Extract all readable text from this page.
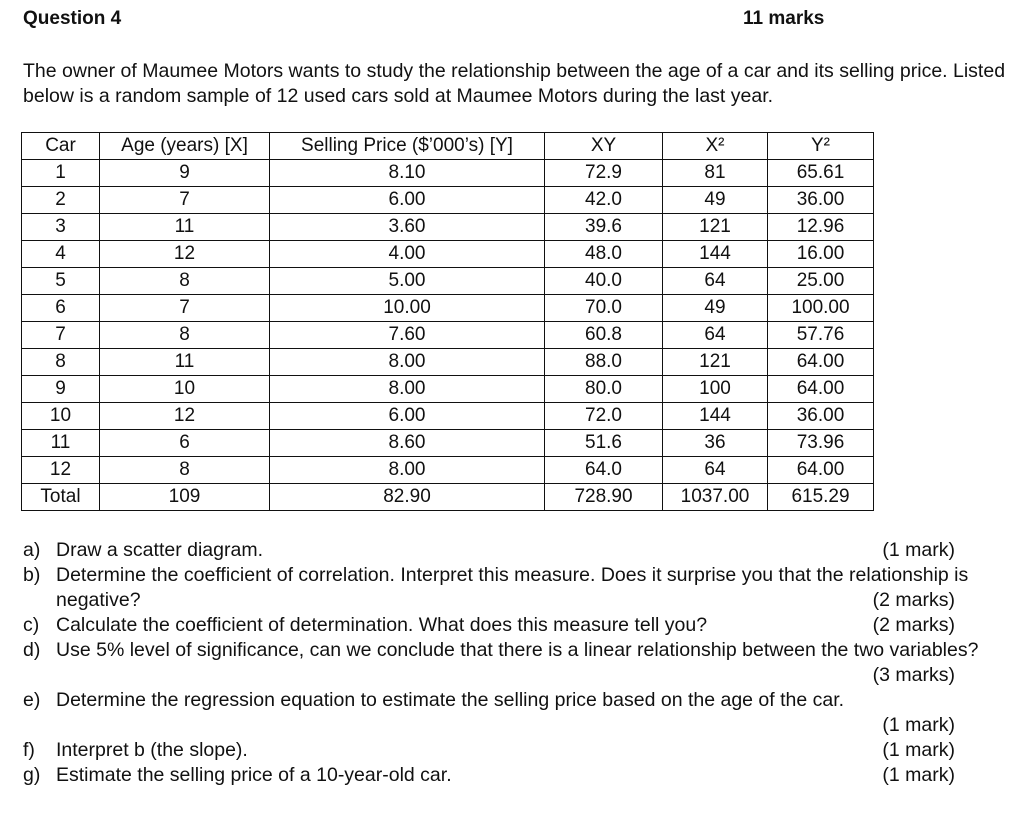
Question 4	11 marks

The owner of Maumee Motors wants to study the relationship between the age of a car and its selling price. Listed below is a random sample of 12 used cars sold at Maumee Motors during the last year.

Car	Age (years) [X]	Selling Price ($’000’s) [Y]	XY	X²	Y²
1	9	8.10	72.9	81	65.61
2	7	6.00	42.0	49	36.00
3	11	3.60	39.6	121	12.96
4	12	4.00	48.0	144	16.00
5	8	5.00	40.0	64	25.00
6	7	10.00	70.0	49	100.00
7	8	7.60	60.8	64	57.76
8	11	8.00	88.0	121	64.00
9	10	8.00	80.0	100	64.00
10	12	6.00	72.0	144	36.00
11	6	8.60	51.6	36	73.96
12	8	8.00	64.0	64	64.00
Total	109	82.90	728.90	1037.00	615.29
a) Draw a scatter diagram.	(1 mark)
b) Determine the coefficient of correlation. Interpret this measure. Does it surprise you that the relationship is negative?	(2 marks)
c) Calculate the coefficient of determination. What does this measure tell you?	(2 marks)
d) Use 5% level of significance, can we conclude that there is a linear relationship between the two variables?
(3 marks)
e) Determine the regression equation to estimate the selling price based on the age of the car.
(1 mark)
f) Interpret b (the slope).	(1 mark)
g) Estimate the selling price of a 10-year-old car.	(1 mark)
